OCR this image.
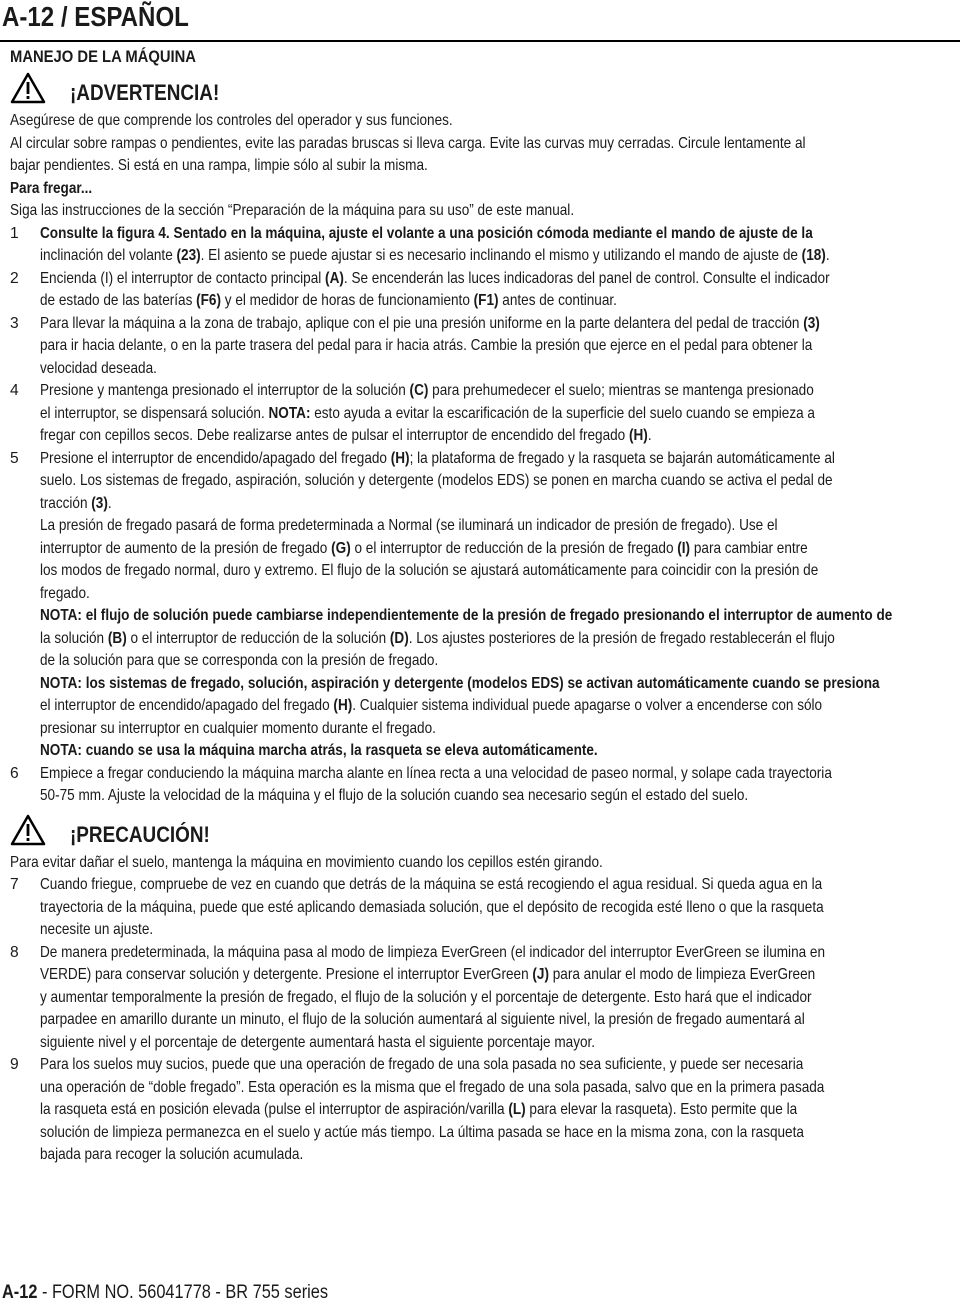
A-12 / ESPAÑOL
MANEJO DE LA MÁQUINA
¡ADVERTENCIA!
Asegúrese de que comprende los controles del operador y sus funciones.
Al circular sobre rampas o pendientes, evite las paradas bruscas si lleva carga. Evite las curvas muy cerradas. Circule lentamente al
bajar pendientes. Si está en una rampa, limpie sólo al subir la misma.
Para fregar...
Siga las instrucciones de la sección “Preparación de la máquina para su uso” de este manual.
1 Consulte la figura 4. Sentado en la máquina, ajuste el volante a una posición cómoda mediante el mando de ajuste de la
inclinación del volante (23). El asiento se puede ajustar si es necesario inclinando el mismo y utilizando el mando de ajuste de (18).
2 Encienda (I) el interruptor de contacto principal (A). Se encenderán las luces indicadoras del panel de control. Consulte el indicador
de estado de las baterías (F6) y el medidor de horas de funcionamiento (F1) antes de continuar.
3 Para llevar la máquina a la zona de trabajo, aplique con el pie una presión uniforme en la parte delantera del pedal de tracción (3)
para ir hacia delante, o en la parte trasera del pedal para ir hacia atrás. Cambie la presión que ejerce en el pedal para obtener la
velocidad deseada.
4 Presione y mantenga presionado el interruptor de la solución (C) para prehumedecer el suelo; mientras se mantenga presionado
el interruptor, se dispensará solución. NOTA: esto ayuda a evitar la escarificación de la superficie del suelo cuando se empieza a
fregar con cepillos secos. Debe realizarse antes de pulsar el interruptor de encendido del fregado (H).
5 Presione el interruptor de encendido/apagado del fregado (H); la plataforma de fregado y la rasqueta se bajarán automáticamente al
suelo. Los sistemas de fregado, aspiración, solución y detergente (modelos EDS) se ponen en marcha cuando se activa el pedal de
tracción (3).
La presión de fregado pasará de forma predeterminada a Normal (se iluminará un indicador de presión de fregado). Use el
interruptor de aumento de la presión de fregado (G) o el interruptor de reducción de la presión de fregado (I) para cambiar entre
los modos de fregado normal, duro y extremo. El flujo de la solución se ajustará automáticamente para coincidir con la presión de
fregado.
NOTA: el flujo de solución puede cambiarse independientemente de la presión de fregado presionando el interruptor de aumento de
la solución (B) o el interruptor de reducción de la solución (D). Los ajustes posteriores de la presión de fregado restablecerán el flujo
de la solución para que se corresponda con la presión de fregado.
NOTA: los sistemas de fregado, solución, aspiración y detergente (modelos EDS) se activan automáticamente cuando se presiona
el interruptor de encendido/apagado del fregado (H). Cualquier sistema individual puede apagarse o volver a encenderse con sólo
presionar su interruptor en cualquier momento durante el fregado.
NOTA: cuando se usa la máquina marcha atrás, la rasqueta se eleva automáticamente.
6 Empiece a fregar conduciendo la máquina marcha alante en línea recta a una velocidad de paseo normal, y solape cada trayectoria
50-75 mm. Ajuste la velocidad de la máquina y el flujo de la solución cuando sea necesario según el estado del suelo.
¡PRECAUCIÓN!
Para evitar dañar el suelo, mantenga la máquina en movimiento cuando los cepillos estén girando.
7 Cuando friegue, compruebe de vez en cuando que detrás de la máquina se está recogiendo el agua residual. Si queda agua en la
trayectoria de la máquina, puede que esté aplicando demasiada solución, que el depósito de recogida esté lleno o que la rasqueta
necesite un ajuste.
8 De manera predeterminada, la máquina pasa al modo de limpieza EverGreen (el indicador del interruptor EverGreen se ilumina en
VERDE) para conservar solución y detergente. Presione el interruptor EverGreen (J) para anular el modo de limpieza EverGreen
y aumentar temporalmente la presión de fregado, el flujo de la solución y el porcentaje de detergente. Esto hará que el indicador
parpadee en amarillo durante un minuto, el flujo de la solución aumentará al siguiente nivel, la presión de fregado aumentará al
siguiente nivel y el porcentaje de detergente aumentará hasta el siguiente porcentaje mayor.
9 Para los suelos muy sucios, puede que una operación de fregado de una sola pasada no sea suficiente, y puede ser necesaria
una operación de “doble fregado”. Esta operación es la misma que el fregado de una sola pasada, salvo que en la primera pasada
la rasqueta está en posición elevada (pulse el interruptor de aspiración/varilla (L) para elevar la rasqueta). Esto permite que la
solución de limpieza permanezca en el suelo y actúe más tiempo. La última pasada se hace en la misma zona, con la rasqueta
bajada para recoger la solución acumulada.
A-12 - FORM NO. 56041778 - BR 755 series
